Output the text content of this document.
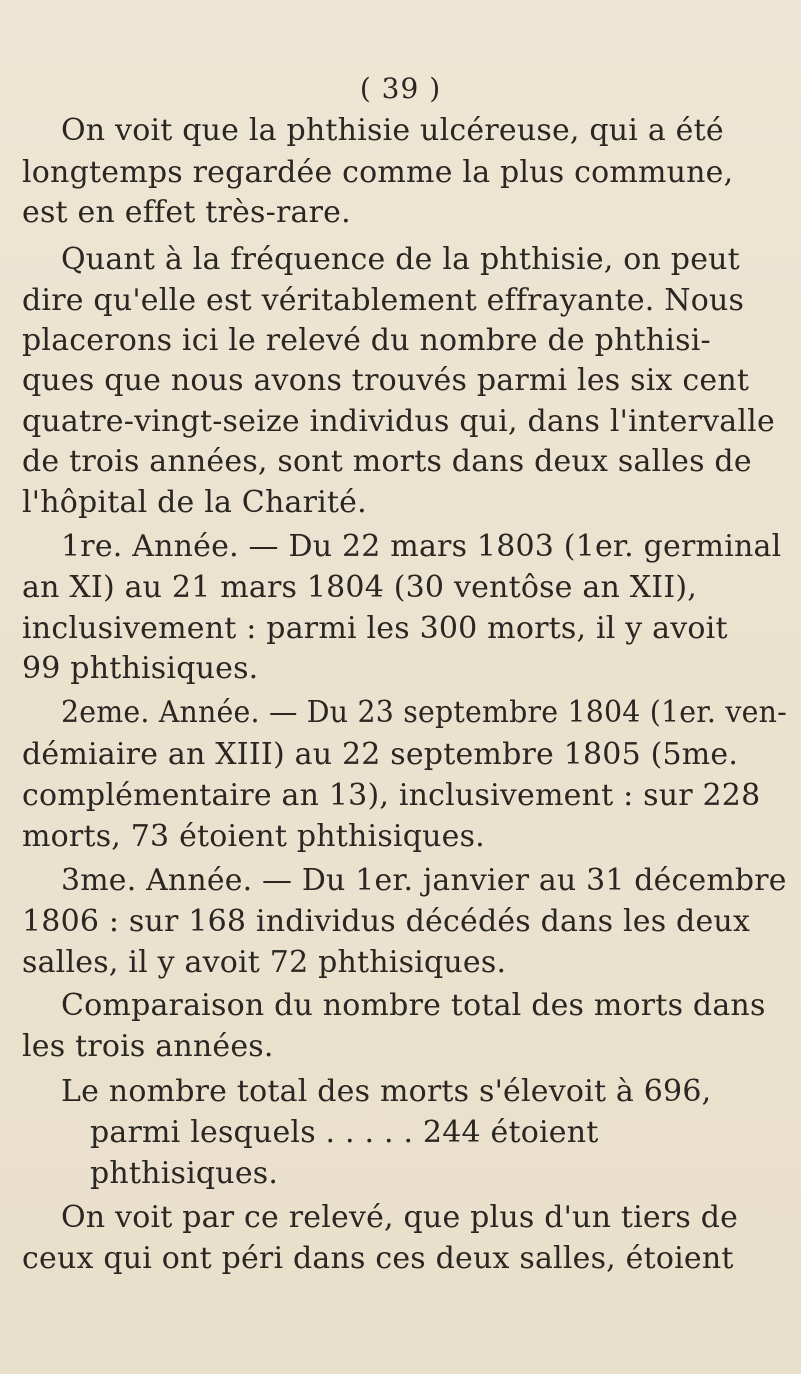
( 39 )
On voit que la phthisie ulcéreuse, qui a été
longtemps regardée comme la plus commune,
est en effet très-rare.
Quant à la fréquence de la phthisie, on peut
dire qu'elle est véritablement effrayante. Nous
placerons ici le relevé du nombre de phthisi-
ques que nous avons trouvés parmi les six cent
quatre-vingt-seize individus qui, dans l'intervalle
de trois années, sont morts dans deux salles de
l'hôpital de la Charité.
1re. Année. — Du 22 mars 1803 (1er. germinal
an XI) au 21 mars 1804 (30 ventôse an XII),
inclusivement : parmi les 300 morts, il y avoit
99 phthisiques.
2eme. Année. — Du 23 septembre 1804 (1er. ven-
démiaire an XIII) au 22 septembre 1805 (5me.
complémentaire an 13), inclusivement : sur 228
morts, 73 étoient phthisiques.
3me. Année. — Du 1er. janvier au 31 décembre
1806 : sur 168 individus décédés dans les deux
salles, il y avoit 72 phthisiques.
Comparaison du nombre total des morts dans
les trois années.
Le nombre total des morts s'élevoit à 696,
parmi lesquels . . . . . 244 étoient
phthisiques.
On voit par ce relevé, que plus d'un tiers de
ceux qui ont péri dans ces deux salles, étoient
